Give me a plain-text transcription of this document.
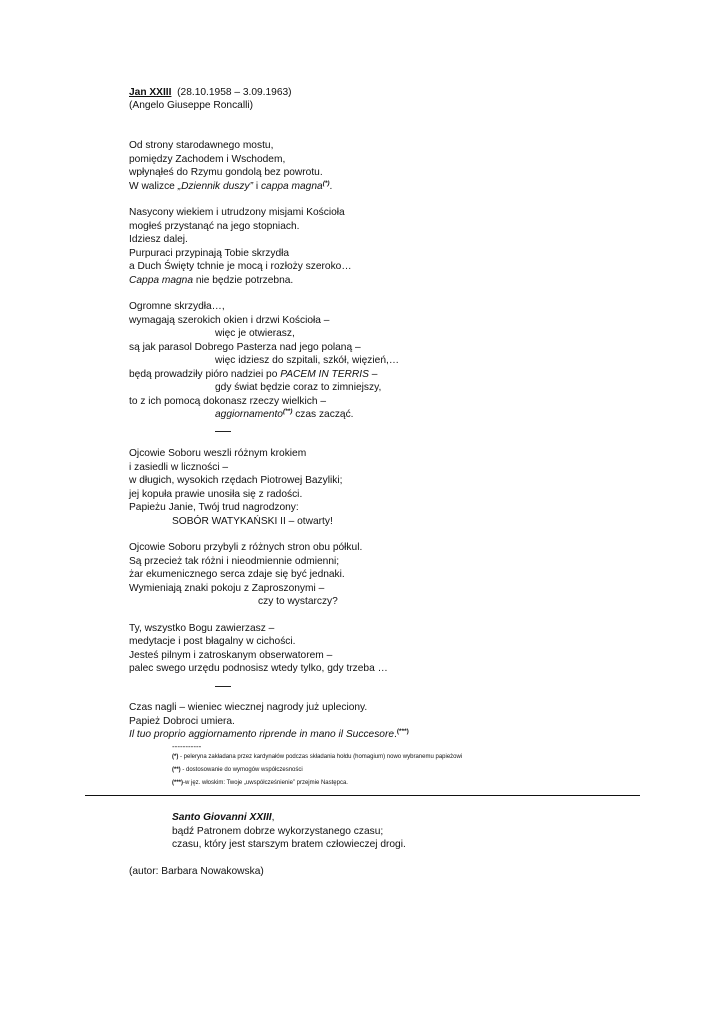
Jan XXIII (28.10.1958 – 3.09.1963)
(Angelo Giuseppe Roncalli)
Od strony starodawnego mostu,
pomiędzy Zachodem i Wschodem,
wpłynąłeś do Rzymu gondolą bez powrotu.
W walizce „Dziennik duszy” i cappa magna(*).
Nasycony wiekiem i utrudzony misjami Kościoła
mogłeś przystanąć na jego stopniach.
Idziesz dalej.
Purpuraci przypinają Tobie skrzydła
a Duch Święty tchnie je mocą i rozłoży szeroko…
Cappa magna nie będzie potrzebna.
Ogromne skrzydła…,
wymagają szerokich okien i drzwi Kościoła –
więc je otwierasz,
są jak parasol Dobrego Pasterza nad jego polaną –
więc idziesz do szpitali, szkół, więzień,…
będą prowadziły pióro nadziei po PACEM IN TERRIS –
gdy świat będzie coraz to zimniejszy,
to z ich pomocą dokonasz rzeczy wielkich –
aggiornamento(**) czas zacząć.
Ojcowie Soboru weszli różnym krokiem
i zasiedli w liczności –
w długich, wysokich rzędach Piotrowej Bazyliki;
jej kopuła prawie unosiła się z radości.
Papieżu Janie, Twój trud nagrodzony:
SOBÓR WATYKAŃSKI II – otwarty!
Ojcowie Soboru przybyli z różnych stron obu półkul.
Są przecież tak różni i nieodmiennie odmienni;
żar ekumenicznego serca zdaje się być jednaki.
Wymieniają znaki pokoju z Zaproszonymi –
czy to wystarczy?
Ty, wszystko Bogu zawierzasz –
medytacje i post błagalny w cichości.
Jesteś pilnym i zatroskanym obserwatorem –
palec swego urzędu podnosisz wtedy tylko, gdy trzeba …
Czas nagli – wieniec wiecznej nagrody już upleciony.
Papież Dobroci umiera.
Il tuo proprio aggiornamento riprende in mano il Succesore.(***)
-----------
(*) - peleryna zakładana przez kardynałów podczas składania hołdu (homagium) nowo wybranemu papieżowi
(**) - dostosowanie do wymogów współczesności
(***)-w jęz. włoskim: Twoje „uwspółcześnienie” przejmie Następca.
Santo Giovanni XXIII,
bądź Patronem dobrze wykorzystanego czasu;
czasu, który jest starszym bratem człowieczej drogi.
(autor: Barbara Nowakowska)
